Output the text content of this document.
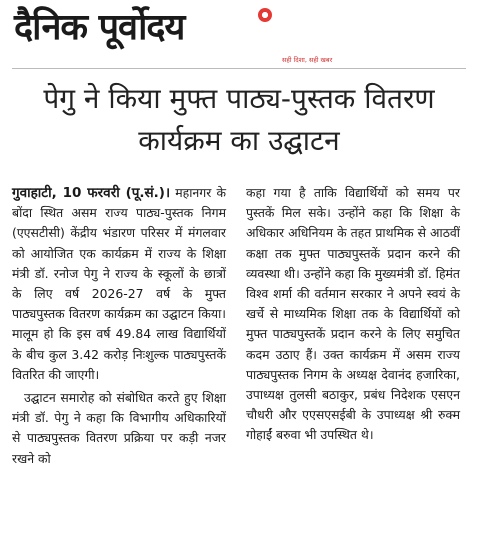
दैनिक पूर्वोदय
सही दिशा, सही खबर
पेगु ने किया मुफ्त पाठ्य-पुस्तक वितरण कार्यक्रम का उद्घाटन

गुवाहाटी, 10 फरवरी (पू.सं.)। महानगर के बोंदा स्थित असम राज्य पाठ्य-पुस्तक निगम (एएसटीसी) केंद्रीय भंडारण परिसर में मंगलवार को आयोजित एक कार्यक्रम में राज्य के शिक्षा मंत्री डॉ. रनोज पेगु ने राज्य के स्कूलों के छात्रों के लिए वर्ष 2026-27 वर्ष के मुफ्त पाठ्यपुस्तक वितरण कार्यक्रम का उद्घाटन किया। मालूम हो कि इस वर्ष 49.84 लाख विद्यार्थियों के बीच कुल 3.42 करोड़ निःशुल्क पाठ्यपुस्तकें वितरित की जाएगी।

उद्घाटन समारोह को संबोधित करते हुए शिक्षा मंत्री डॉ. पेगु ने कहा कि विभागीय अधिकारियों से पाठ्यपुस्तक वितरण प्रक्रिया पर कड़ी नजर रखने को

कहा गया है ताकि विद्यार्थियों को समय पर पुस्तकें मिल सके। उन्होंने कहा कि शिक्षा के अधिकार अधिनियम के तहत प्राथमिक से आठवीं कक्षा तक मुफ्त पाठ्यपुस्तकें प्रदान करने की व्यवस्था थी। उन्होंने कहा कि मुख्यमंत्री डॉ. हिमंत विश्व शर्मा की वर्तमान सरकार ने अपने स्वयं के खर्चे से माध्यमिक शिक्षा तक के विद्यार्थियों को मुफ्त पाठ्यपुस्तकें प्रदान करने के लिए समुचित कदम उठाए हैं। उक्त कार्यक्रम में असम राज्य पाठ्यपुस्तक निगम के अध्यक्ष देवानंद हजारिका, उपाध्यक्ष तुलसी बठाकुर, प्रबंध निदेशक एसएन चौधरी और एएसएसईबी के उपाध्यक्ष श्री रुक्म गोहाईं बरुवा भी उपस्थित थे।
